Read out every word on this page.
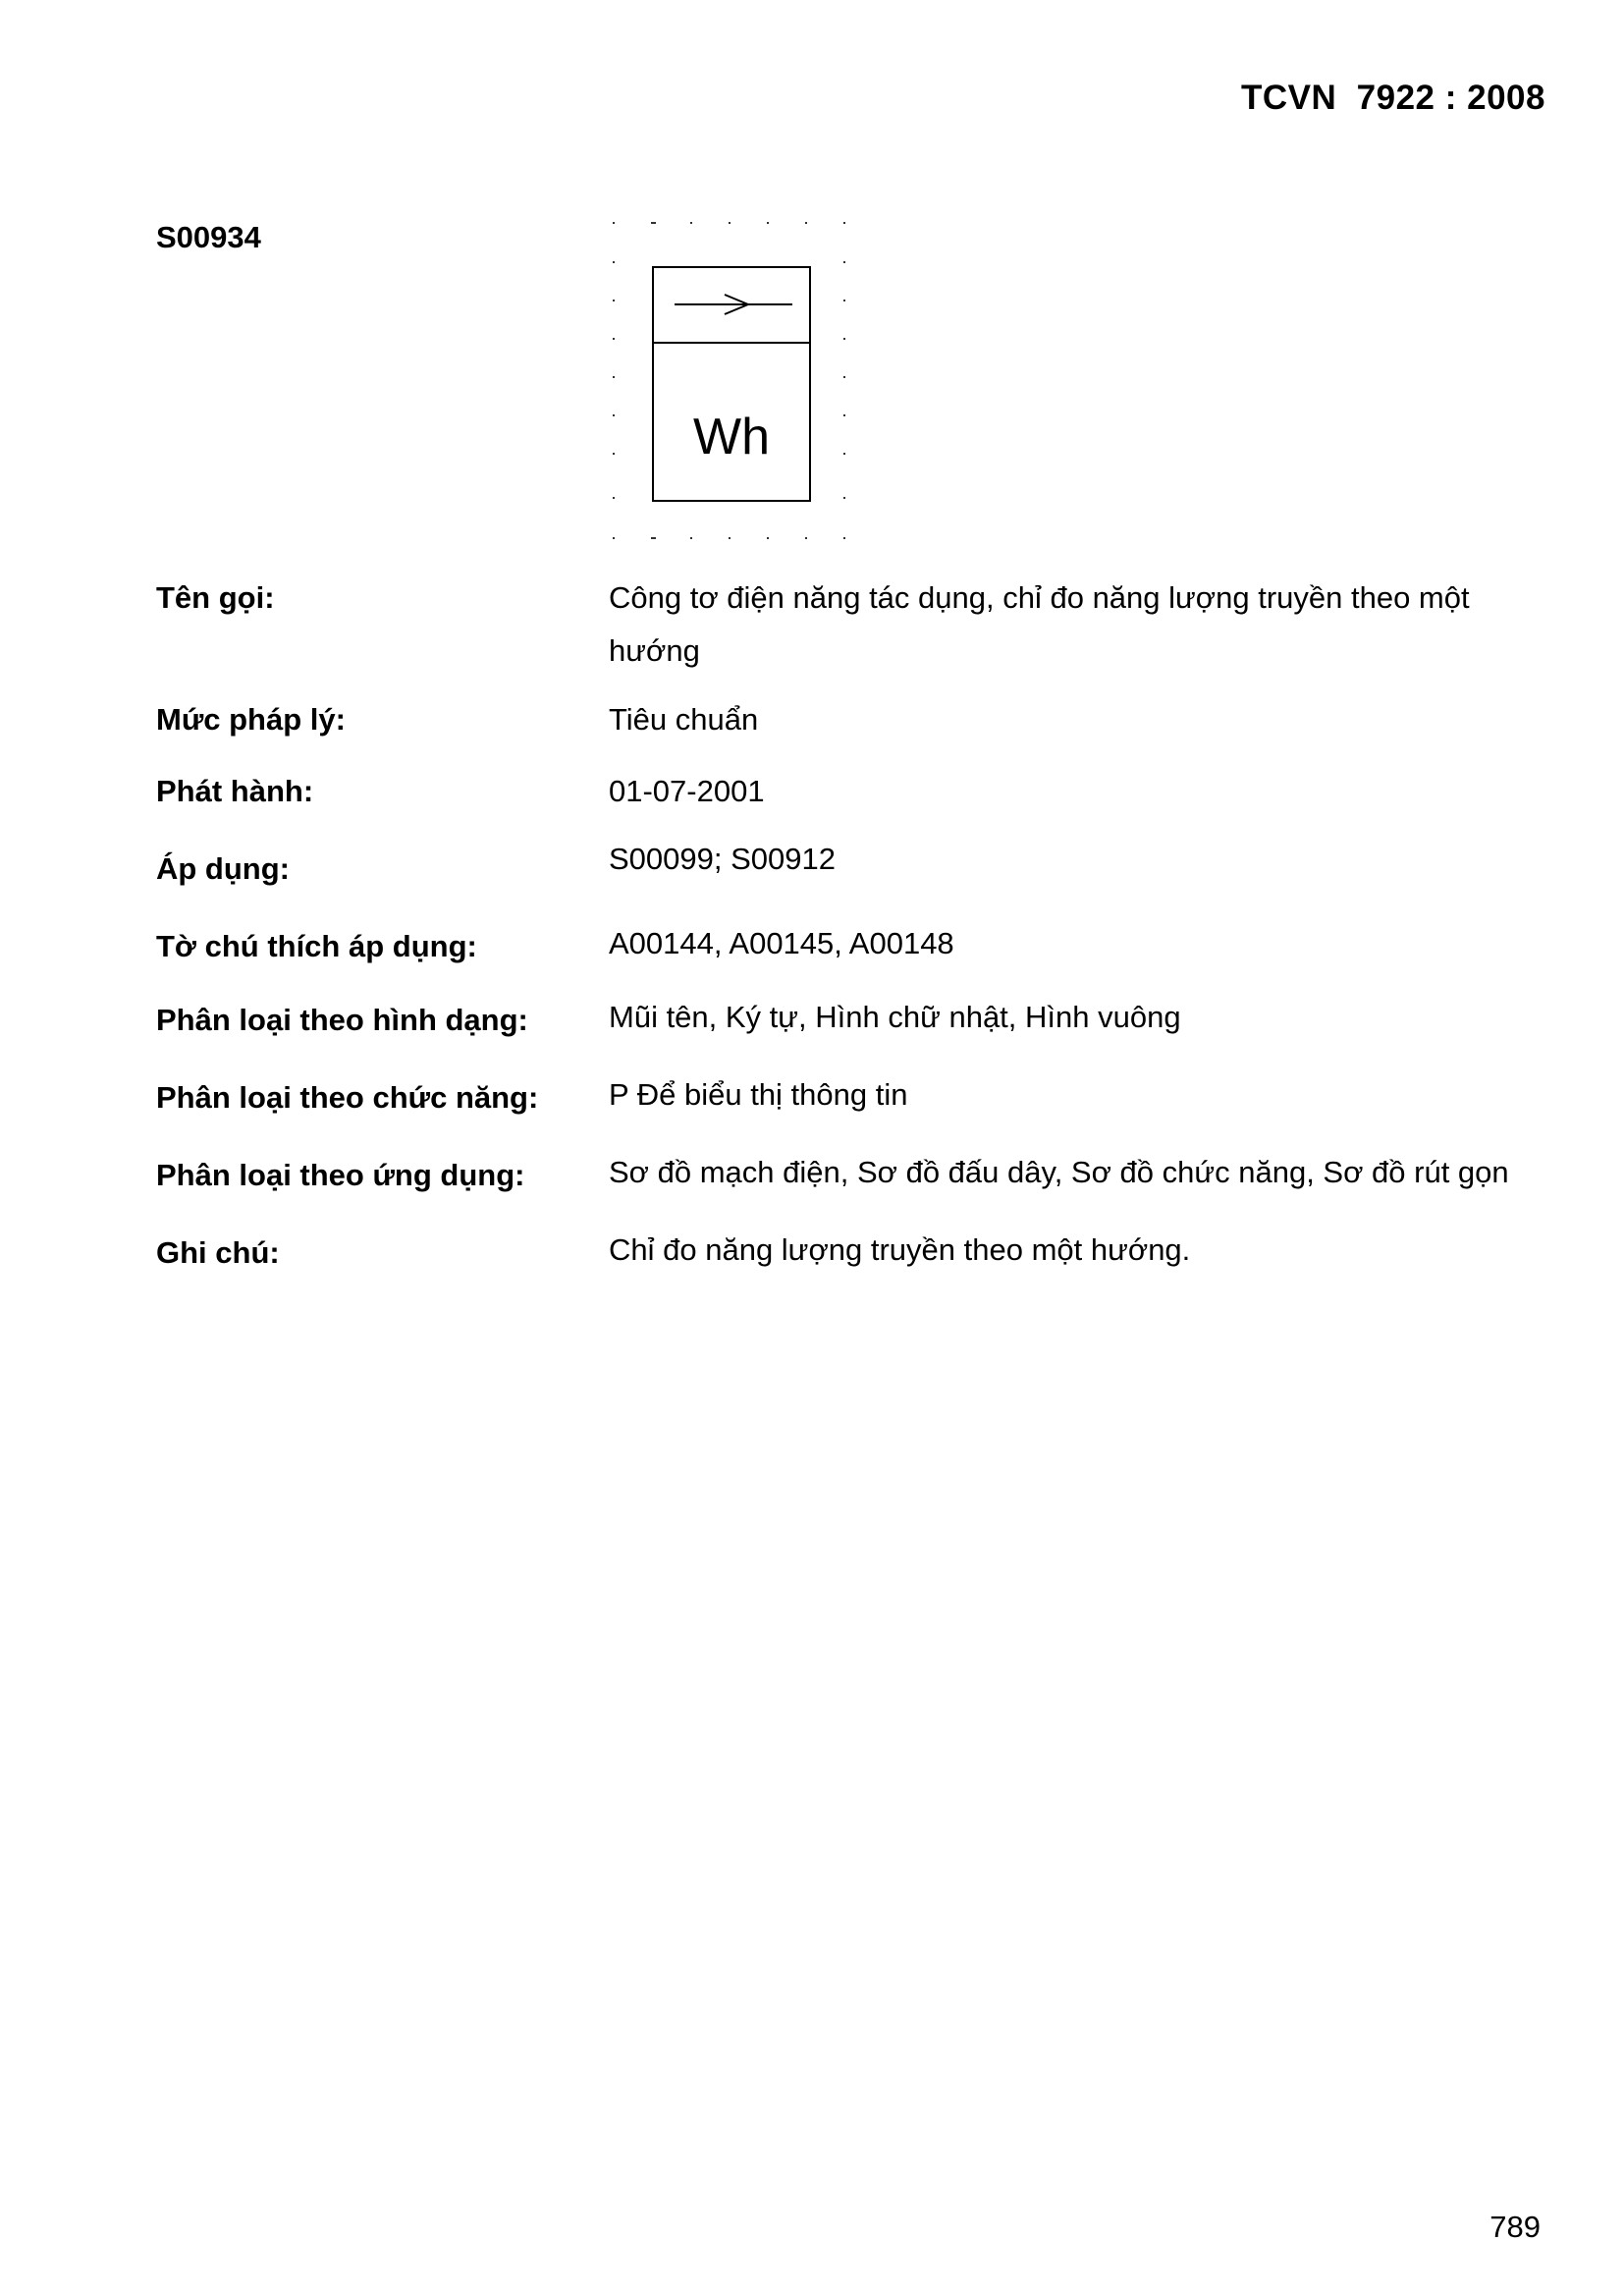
TCVN  7922 : 2008
S00934
Wh
Tên gọi:	Công tơ điện năng tác dụng, chỉ đo năng lượng truyền theo một hướng
Mức pháp lý:	Tiêu chuẩn
Phát hành:	01-07-2001
Áp dụng:	S00099; S00912
Tờ chú thích áp dụng:	A00144, A00145, A00148
Phân loại theo hình dạng:	Mũi tên, Ký tự, Hình chữ nhật, Hình vuông
Phân loại theo chức năng: P Để biểu thị thông tin
Phân loại theo ứng dụng:	Sơ đồ mạch điện, Sơ đồ đấu dây, Sơ đồ chức năng, Sơ đồ rút gọn
Ghi chú:	Chỉ đo năng lượng truyền theo một hướng.
789
